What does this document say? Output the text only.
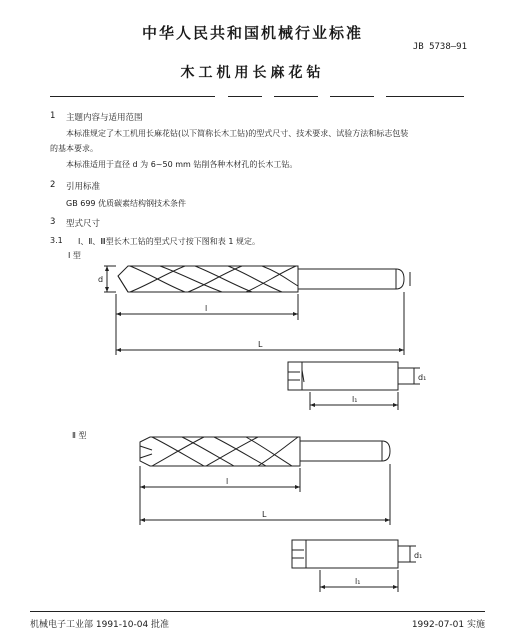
中华人民共和国机械行业标准
JB 5738—91
木工机用长麻花钻
1 主题内容与适用范围
本标准规定了木工机用长麻花钻(以下简称长木工钻)的型式尺寸、技术要求、试验方法和标志包装
的基本要求。
本标准适用于直径 d 为 6~50 mm 钻削各种木材孔的长木工钻。
2 引用标准
GB 699 优质碳素结构钢技术条件
3 型式尺寸
3.1 Ⅰ、Ⅱ、Ⅲ型长木工钻的型式尺寸按下图和表 1 规定。
Ⅰ 型
Ⅱ 型
d
l
L
l₁
d₁
l
L
l₁
d₁
机械电子工业部 1991-10-04 批准	1992-07-01 实施
